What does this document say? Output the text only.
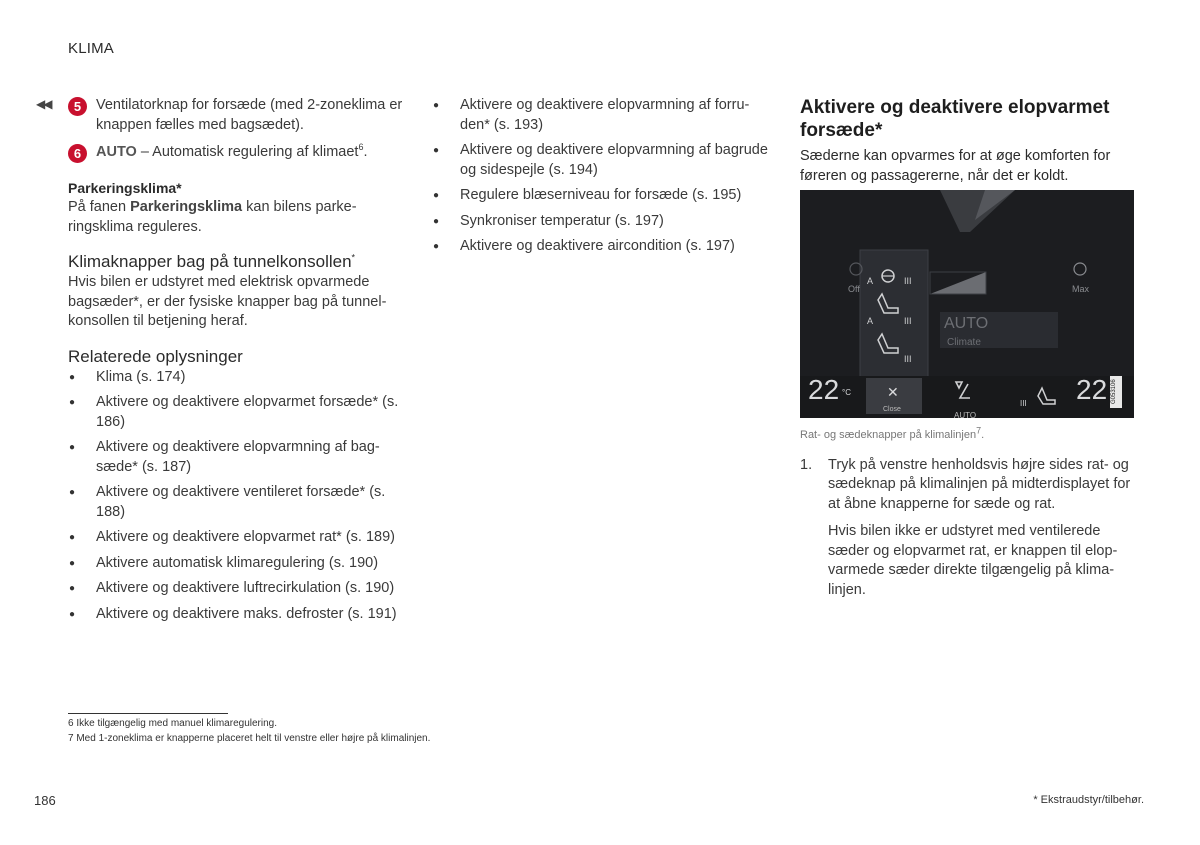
KLIMA
◀◀	5	Ventilatorknap for forsæde (med 2-zoneklima er knappen fælles med bagsædet).
6	AUTO – Automatisk regulering af klimaet$^6$.
Parkeringsklima*
På fanen Parkeringsklima kan bilens parkeringsklima reguleres.
Klimaknapper bag på tunnelkonsollen*
Hvis bilen er udstyret med elektrisk opvarmede bagsæder*, er der fysiske knapper bag på tunnelkonsollen til betjening heraf.
Relaterede oplysninger
● Klima (s. 174)
● Aktivere og deaktivere elopvarmet forsæde* (s. 186)
● Aktivere og deaktivere elopvarmning af bagsæde* (s. 187)
● Aktivere og deaktivere ventileret forsæde* (s. 188)
● Aktivere og deaktivere elopvarmet rat* (s. 189)
● Aktivere automatisk klimaregulering (s. 190)
● Aktivere og deaktivere luftrecirkulation (s. 190)
● Aktivere og deaktivere maks. defroster (s. 191)
● Aktivere og deaktivere elopvarmning af forruden* (s. 193)
● Aktivere og deaktivere elopvarmning af bagrude og sidespejle (s. 194)
● Regulere blæserniveau for forsæde (s. 195)
● Synkroniser temperatur (s. 197)
● Aktivere og deaktivere aircondition (s. 197)
Aktivere og deaktivere elopvarmet forsæde*
Sæderne kan opvarmes for at øge komforten for føreren og passagererne, når det er koldt.
Off	Max
A	III
A	III
III
AUTO
Climate
22 °C	✕
Close
AUTO
III 22 G053106
Rat- og sædeknapper på klimalinjen$^7$.
1. Tryk på venstre henholdsvis højre sides rat- og sædeknap på klimalinjen på midterdisplayet for at åbne knapperne for sæde og rat.
Hvis bilen ikke er udstyret med ventilerede sæder og elopvarmet rat, er knappen til elopvarmede sæder direkte tilgængelig på klimalinjen.
6 Ikke tilgængelig med manuel klimaregulering.
7 Med 1-zoneklima er knapperne placeret helt til venstre eller højre på klimalinjen.
186	* Ekstraudstyr/tilbehør.
